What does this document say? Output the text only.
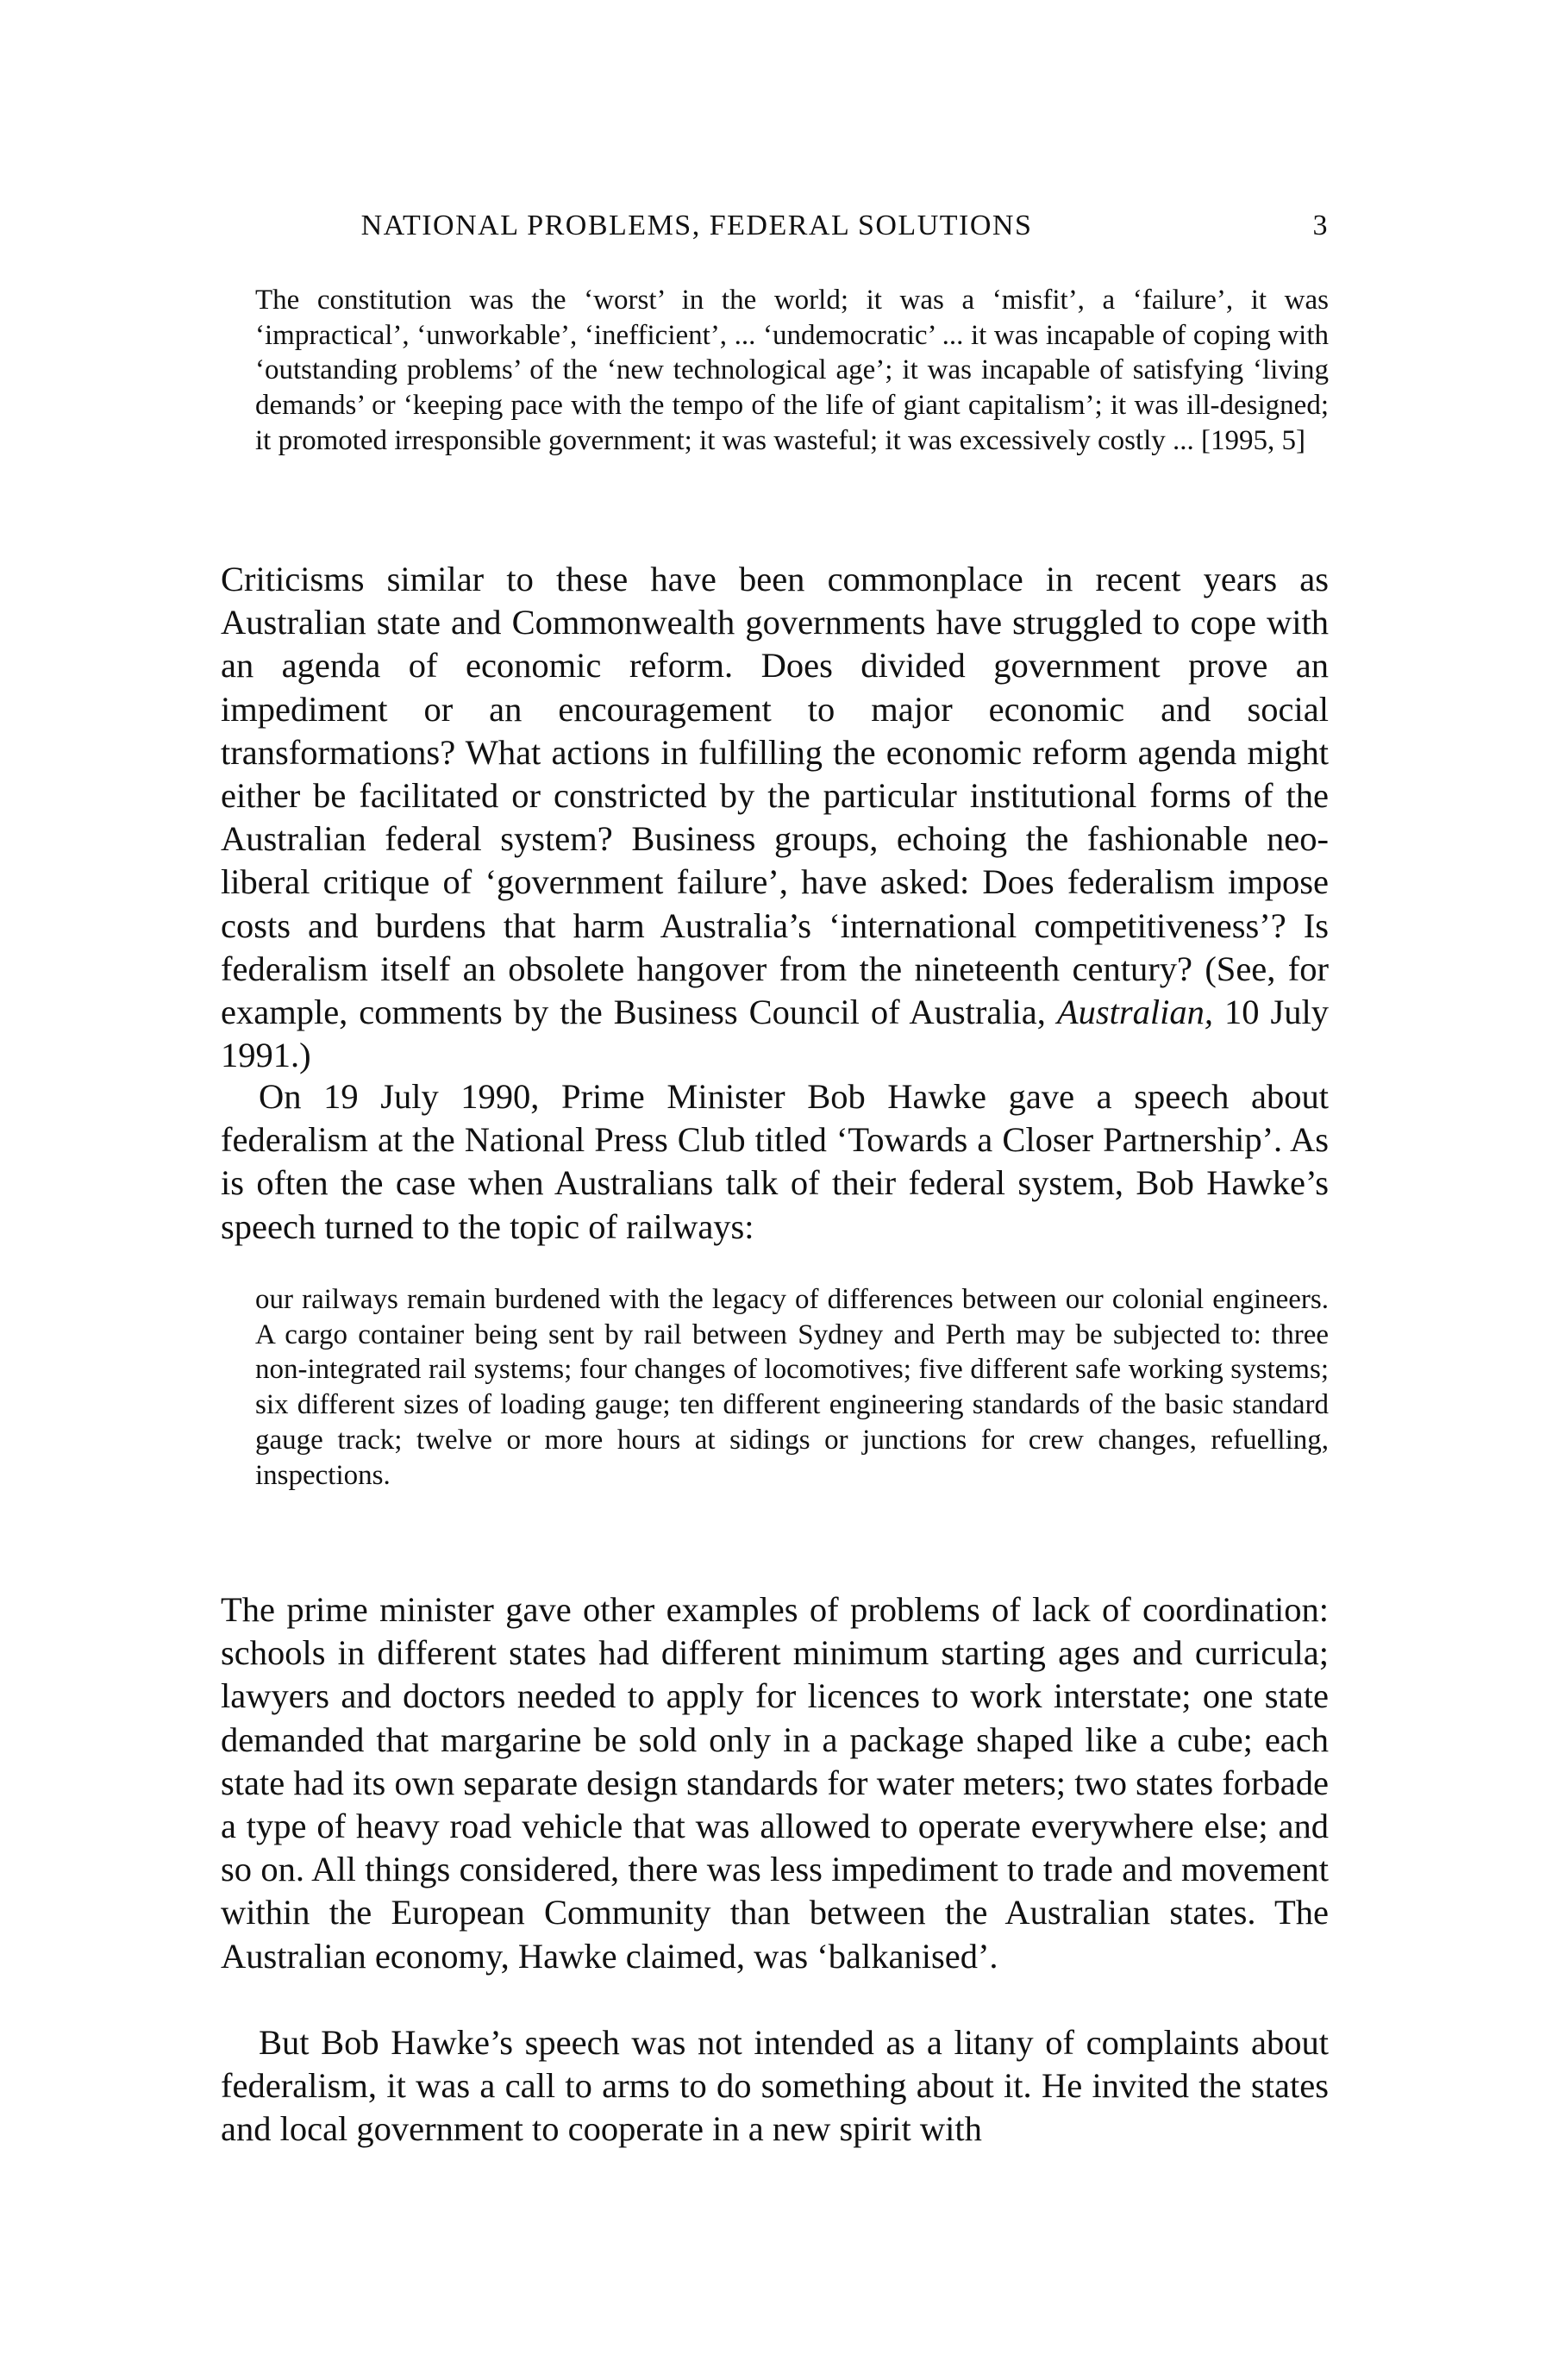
NATIONAL PROBLEMS, FEDERAL SOLUTIONS	3

The constitution was the ‘worst’ in the world; it was a ‘misfit’, a ‘failure’, it was ‘impractical’, ‘unworkable’, ‘inefficient’, ... ‘undemocratic’ ... it was incapable of coping with ‘outstanding problems’ of the ‘new technological age’; it was incapable of satisfying ‘living demands’ or ‘keeping pace with the tempo of the life of giant capitalism’; it was ill-designed; it promoted irresponsible government; it was wasteful; it was excessively costly ... [1995, 5]

Criticisms similar to these have been commonplace in recent years as Australian state and Commonwealth governments have struggled to cope with an agenda of economic reform. Does divided government prove an impediment or an encouragement to major economic and social transformations? What actions in fulfilling the economic reform agenda might either be facilitated or constricted by the particular institutional forms of the Australian federal system? Business groups, echoing the fashionable neo-liberal critique of ‘government failure’, have asked: Does federalism impose costs and burdens that harm Australia’s ‘international competitiveness’? Is federalism itself an obsolete hangover from the nineteenth century? (See, for example, comments by the Business Council of Australia, Australian, 10 July 1991.)

On 19 July 1990, Prime Minister Bob Hawke gave a speech about federalism at the National Press Club titled ‘Towards a Closer Partnership’. As is often the case when Australians talk of their federal system, Bob Hawke’s speech turned to the topic of railways:

our railways remain burdened with the legacy of differences between our colonial engineers. A cargo container being sent by rail between Sydney and Perth may be subjected to: three non-integrated rail systems; four changes of locomotives; five different safe working systems; six different sizes of loading gauge; ten different engineering standards of the basic standard gauge track; twelve or more hours at sidings or junctions for crew changes, refuelling, inspections.

The prime minister gave other examples of problems of lack of coordination: schools in different states had different minimum starting ages and curricula; lawyers and doctors needed to apply for licences to work interstate; one state demanded that margarine be sold only in a package shaped like a cube; each state had its own separate design standards for water meters; two states forbade a type of heavy road vehicle that was allowed to operate everywhere else; and so on. All things considered, there was less impediment to trade and movement within the European Community than between the Australian states. The Australian economy, Hawke claimed, was ‘balkanised’.

But Bob Hawke’s speech was not intended as a litany of complaints about federalism, it was a call to arms to do something about it. He invited the states and local government to cooperate in a new spirit with
